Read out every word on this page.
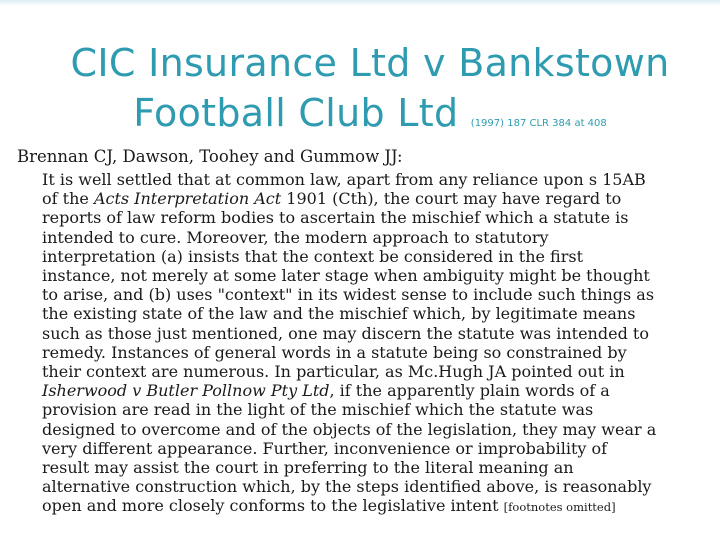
CIC Insurance Ltd v Bankstown
Football Club Ltd (1997) 187 CLR 384 at 408
Brennan CJ, Dawson, Toohey and Gummow JJ:
It is well settled that at common law, apart from any reliance upon s 15AB
of the Acts Interpretation Act 1901 (Cth), the court may have regard to
reports of law reform bodies to ascertain the mischief which a statute is
intended to cure. Moreover, the modern approach to statutory
interpretation (a) insists that the context be considered in the first
instance, not merely at some later stage when ambiguity might be thought
to arise, and (b) uses "context" in its widest sense to include such things as
the existing state of the law and the mischief which, by legitimate means
such as those just mentioned, one may discern the statute was intended to
remedy. Instances of general words in a statute being so constrained by
their context are numerous. In particular, as Mc.Hugh JA pointed out in
Isherwood v Butler Pollnow Pty Ltd, if the apparently plain words of a
provision are read in the light of the mischief which the statute was
designed to overcome and of the objects of the legislation, they may wear a
very different appearance. Further, inconvenience or improbability of
result may assist the court in preferring to the literal meaning an
alternative construction which, by the steps identified above, is reasonably
open and more closely conforms to the legislative intent [footnotes omitted]
